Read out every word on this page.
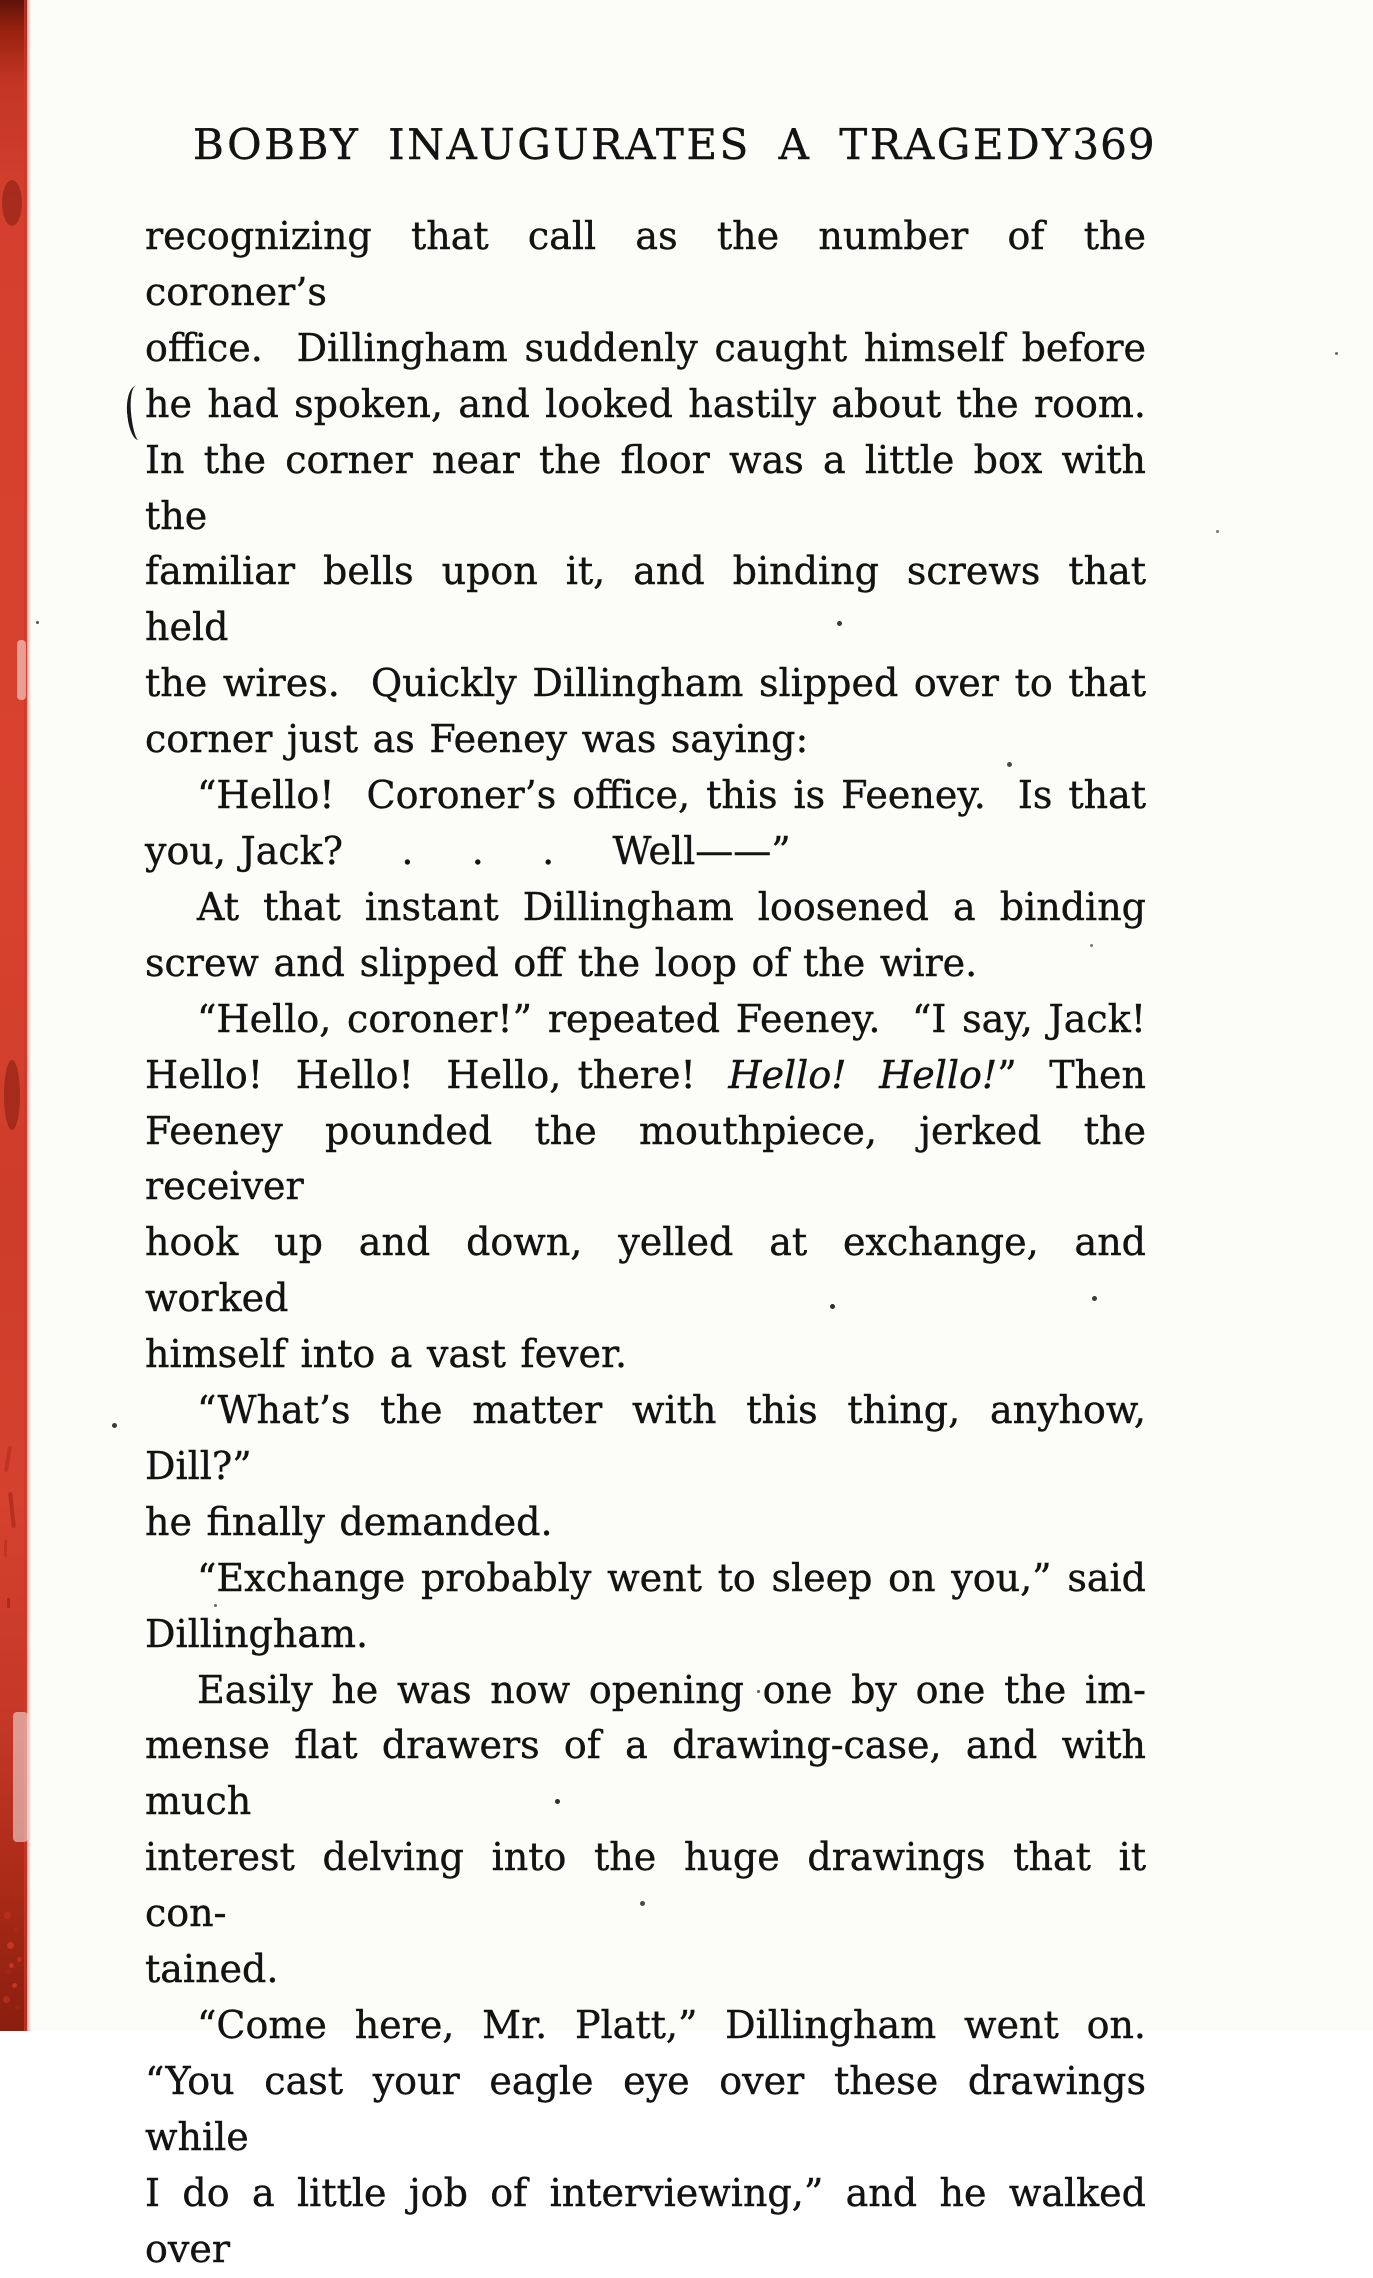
BOBBY INAUGURATES A TRAGEDY 369
recognizing that call as the number of the coroner’s
office.  Dillingham suddenly caught himself before
he had spoken, and looked hastily about the room.
In the corner near the floor was a little box with the
familiar bells upon it, and binding screws that held
the wires.  Quickly Dillingham slipped over to that
corner just as Feeney was saying:
“Hello!  Coroner’s office, this is Feeney.  Is that
you, Jack?    .    .    .    Well——”
At that instant Dillingham loosened a binding
screw and slipped off the loop of the wire.
“Hello, coroner!” repeated Feeney.  “I say, Jack!
Hello!  Hello!  Hello, there!  Hello!  Hello!”  Then
Feeney pounded the mouthpiece, jerked the receiver
hook up and down, yelled at exchange, and worked
himself into a vast fever.
“What’s the matter with this thing, anyhow, Dill?”
he finally demanded.
“Exchange probably went to sleep on you,” said
Dillingham.
Easily he was now opening one by one the im-
mense flat drawers of a drawing-case, and with much
interest delving into the huge drawings that it con-
tained.
“Come here, Mr. Platt,” Dillingham went on.
“You cast your eagle eye over these drawings while
I do a little job of interviewing,” and he walked over
